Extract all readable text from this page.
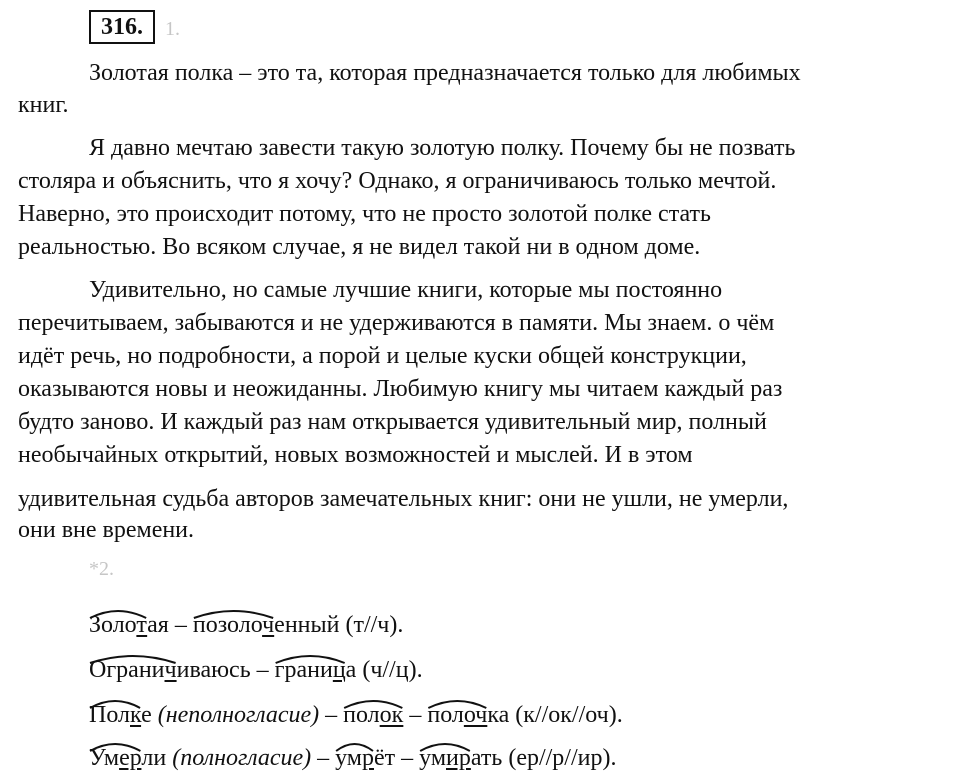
316.	1.
Золотая полка – это та, которая предназначается только для любимых
книг.
Я давно мечтаю завести такую золотую полку. Почему бы не позвать
столяра и объяснить, что я хочу? Однако, я ограничиваюсь только мечтой.
Наверно, это происходит потому, что не просто золотой полке стать
реальностью. Во всяком случае, я не видел такой ни в одном доме.
Удивительно, но самые лучшие книги, которые мы постоянно
перечитываем, забываются и не удерживаются в памяти. Мы знаем. о чём
идёт речь, но подробности, а порой и целые куски общей конструкции,
оказываются новы и неожиданны. Любимую книгу мы читаем каждый раз
будто заново. И каждый раз нам открывается удивительный мир, полный
необычайных открытий, новых возможностей и мыслей. И в этом
удивительная судьба авторов замечательных книг: они не ушли, не умерли,
они вне времени.
*2.
Золотая – позолоченный (т//ч).
Ограничиваюсь – граница (ч//ц).
Полке (неполногласие) – полок – полочка (к//ок//оч).
Умерли (полногласие) – умрёт – умирать (ер//р//ир).
